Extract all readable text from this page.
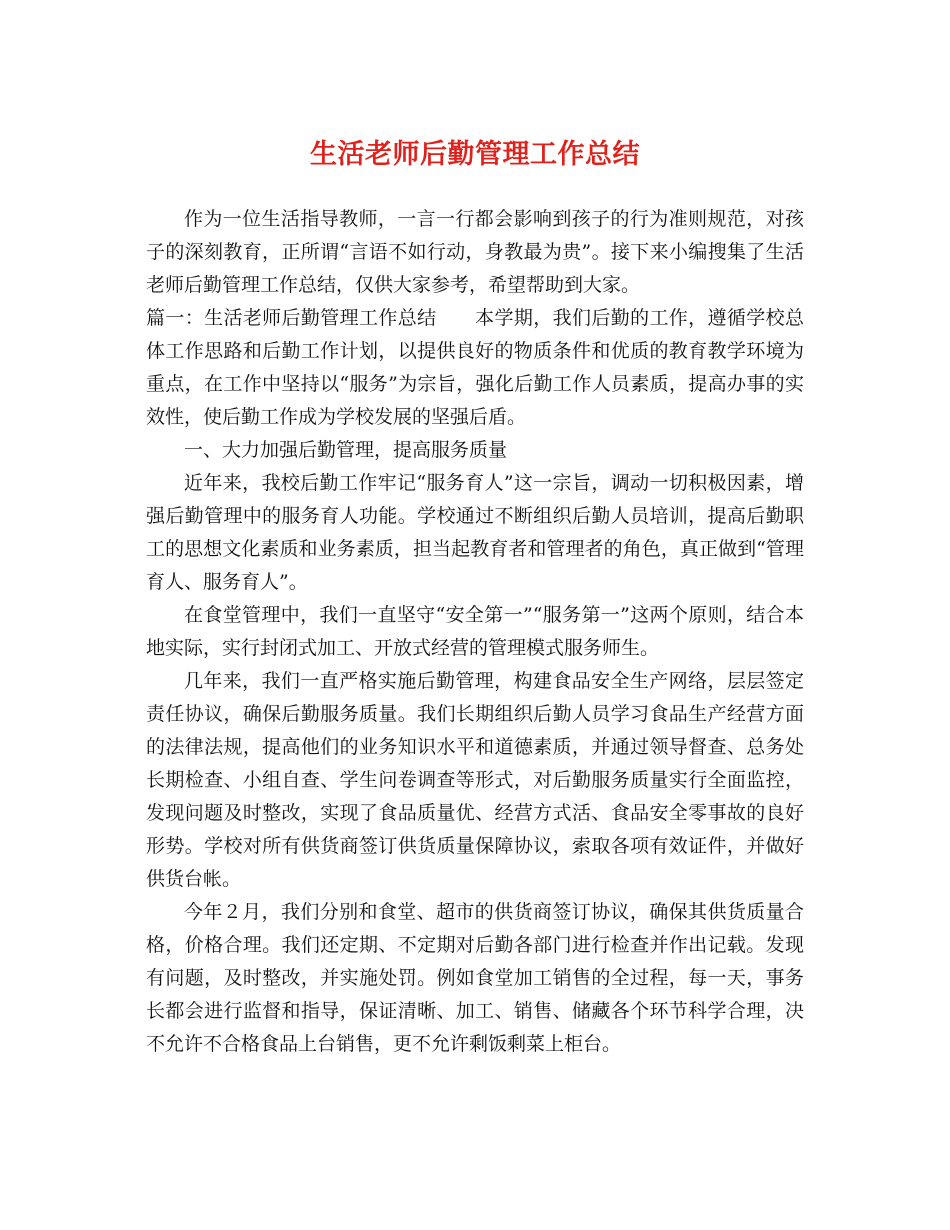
生活老师后勤管理工作总结

作为一位生活指导教师，一言一行都会影响到孩子的行为准则规范，对孩子的深刻教育，正所谓“言语不如行动，身教最为贵”。接下来小编搜集了生活老师后勤管理工作总结，仅供大家参考，希望帮助到大家。

篇一：生活老师后勤管理工作总结　　本学期，我们后勤的工作，遵循学校总体工作思路和后勤工作计划，以提供良好的物质条件和优质的教育教学环境为重点，在工作中坚持以“服务”为宗旨，强化后勤工作人员素质，提高办事的实效性，使后勤工作成为学校发展的坚强后盾。

一、大力加强后勤管理，提高服务质量

近年来，我校后勤工作牢记“服务育人”这一宗旨，调动一切积极因素，增强后勤管理中的服务育人功能。学校通过不断组织后勤人员培训，提高后勤职工的思想文化素质和业务素质，担当起教育者和管理者的角色，真正做到“管理育人、服务育人”。

在食堂管理中，我们一直坚守“安全第一”“服务第一”这两个原则，结合本地实际，实行封闭式加工、开放式经营的管理模式服务师生。

几年来，我们一直严格实施后勤管理，构建食品安全生产网络，层层签定责任协议，确保后勤服务质量。我们长期组织后勤人员学习食品生产经营方面的法律法规，提高他们的业务知识水平和道德素质，并通过领导督查、总务处长期检查、小组自查、学生问卷调查等形式，对后勤服务质量实行全面监控，发现问题及时整改，实现了食品质量优、经营方式活、食品安全零事故的良好形势。学校对所有供货商签订供货质量保障协议，索取各项有效证件，并做好供货台帐。

今年２月，我们分别和食堂、超市的供货商签订协议，确保其供货质量合格，价格合理。我们还定期、不定期对后勤各部门进行检查并作出记载。发现有问题，及时整改，并实施处罚。例如食堂加工销售的全过程，每一天，事务长都会进行监督和指导，保证清晰、加工、销售、储藏各个环节科学合理，决不允许不合格食品上台销售，更不允许剩饭剩菜上柜台。
